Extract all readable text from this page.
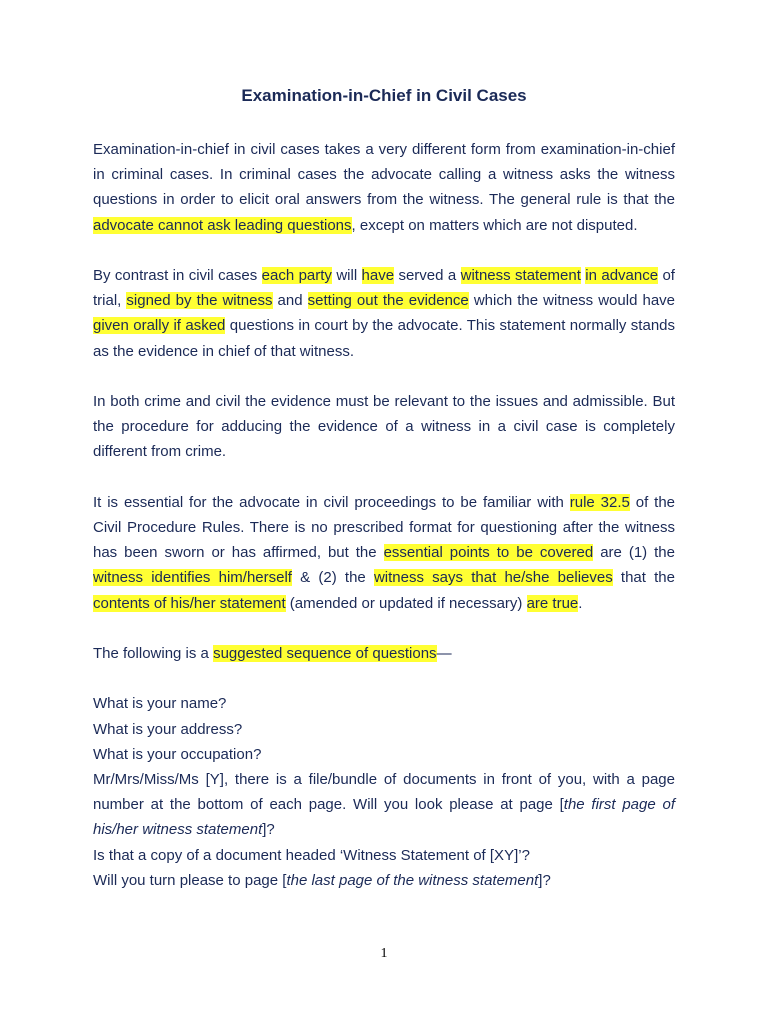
Examination-in-Chief in Civil Cases

Examination-in-chief in civil cases takes a very different form from examination-in-chief in criminal cases. In criminal cases the advocate calling a witness asks the witness questions in order to elicit oral answers from the witness. The general rule is that the advocate cannot ask leading questions, except on matters which are not disputed.

By contrast in civil cases each party will have served a witness statement in advance of trial, signed by the witness and setting out the evidence which the witness would have given orally if asked questions in court by the advocate. This statement normally stands as the evidence in chief of that witness.

In both crime and civil the evidence must be relevant to the issues and admissible. But the procedure for adducing the evidence of a witness in a civil case is completely different from crime.

It is essential for the advocate in civil proceedings to be familiar with rule 32.5 of the Civil Procedure Rules. There is no prescribed format for questioning after the witness has been sworn or has affirmed, but the essential points to be covered are (1) the witness identifies him/herself & (2) the witness says that he/she believes that the contents of his/her statement (amended or updated if necessary) are true.

The following is a suggested sequence of questions—

What is your name?
What is your address?
What is your occupation?
Mr/Mrs/Miss/Ms [Y], there is a file/bundle of documents in front of you, with a page number at the bottom of each page. Will you look please at page [the first page of his/her witness statement]?
Is that a copy of a document headed ‘Witness Statement of [XY]’?
Will you turn please to page [the last page of the witness statement]?
1
